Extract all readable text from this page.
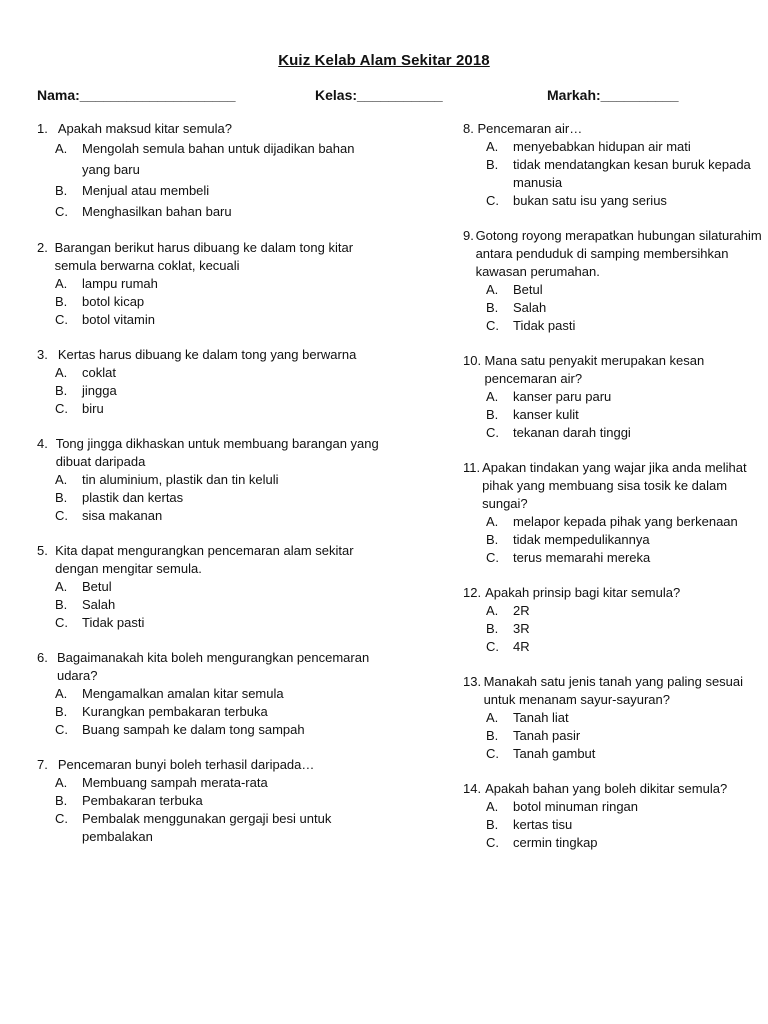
Kuiz Kelab Alam Sekitar 2018
Nama:____________________	Kelas:___________	Markah:__________
1. Apakah maksud kitar semula?
A.	Mengolah semula bahan untuk dijadikan bahan yang baru
B.	Menjual atau membeli
C.	Menghasilkan bahan baru
2. Barangan berikut harus dibuang ke dalam tong kitar semula berwarna coklat, kecuali
A.	lampu rumah
B.	botol kicap
C.	botol vitamin
3. Kertas harus dibuang ke dalam tong yang berwarna
A.	coklat
B.	jingga
C.	biru
4. Tong jingga dikhaskan untuk membuang barangan yang dibuat daripada
A.	tin aluminium, plastik dan tin keluli
B.	plastik dan kertas
C.	sisa makanan
5. Kita dapat mengurangkan pencemaran alam sekitar dengan mengitar semula.
A.	Betul
B.	Salah
C.	Tidak pasti
6. Bagaimanakah kita boleh mengurangkan pencemaran udara?
A.	Mengamalkan amalan kitar semula
B.	Kurangkan pembakaran terbuka
C.	Buang sampah ke dalam tong sampah
7. Pencemaran bunyi boleh terhasil daripada…
A.	Membuang sampah merata-rata
B.	Pembakaran terbuka
C.	Pembalak menggunakan gergaji besi untuk pembalakan
8. Pencemaran air…
A.	menyebabkan hidupan air mati
B.	tidak mendatangkan kesan buruk kepada manusia
C.	bukan satu isu yang serius
9. Gotong royong merapatkan hubungan silaturahim antara penduduk di samping membersihkan kawasan perumahan.
A.	Betul
B.	Salah
C.	Tidak pasti
10. Mana satu penyakit merupakan kesan pencemaran air?
A.	kanser paru paru
B.	kanser kulit
C.	tekanan darah tinggi
11. Apakan tindakan yang wajar jika anda melihat pihak yang membuang sisa tosik ke dalam sungai?
A.	melapor kepada pihak yang berkenaan
B.	tidak mempedulikannya
C.	terus memarahi mereka
12. Apakah prinsip bagi kitar semula?
A.	2R
B.	3R
C.	4R
13. Manakah satu jenis tanah yang paling sesuai untuk menanam sayur-sayuran?
A.	Tanah liat
B.	Tanah pasir
C.	Tanah gambut
14. Apakah bahan yang boleh dikitar semula?
A.	botol minuman ringan
B.	kertas tisu
C.	cermin tingkap
